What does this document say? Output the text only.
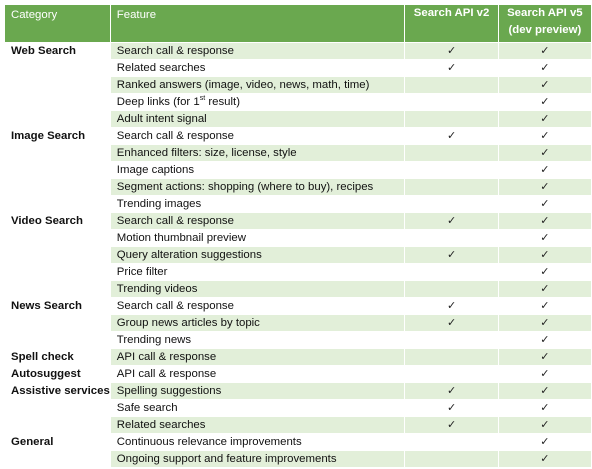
Category	Feature	Search API v2	Search API v5
(dev preview)

Web Search	Search call & response	✓	✓
	Related searches	✓	✓
	Ranked answers (image, video, news, math, time)		✓
	Deep links (for 1st result)		✓
	Adult intent signal		✓
Image Search	Search call & response	✓	✓
	Enhanced filters: size, license, style		✓
	Image captions		✓
	Segment actions: shopping (where to buy), recipes		✓
	Trending images		✓
Video Search	Search call & response	✓	✓
	Motion thumbnail preview		✓
	Query alteration suggestions	✓	✓
	Price filter		✓
	Trending videos		✓
News Search	Search call & response	✓	✓
	Group news articles by topic	✓	✓
	Trending news		✓
Spell check	API call & response		✓
Autosuggest	API call & response		✓
Assistive services	Spelling suggestions	✓	✓
	Safe search	✓	✓
	Related searches	✓	✓
General	Continuous relevance improvements		✓
	Ongoing support and feature improvements		✓
